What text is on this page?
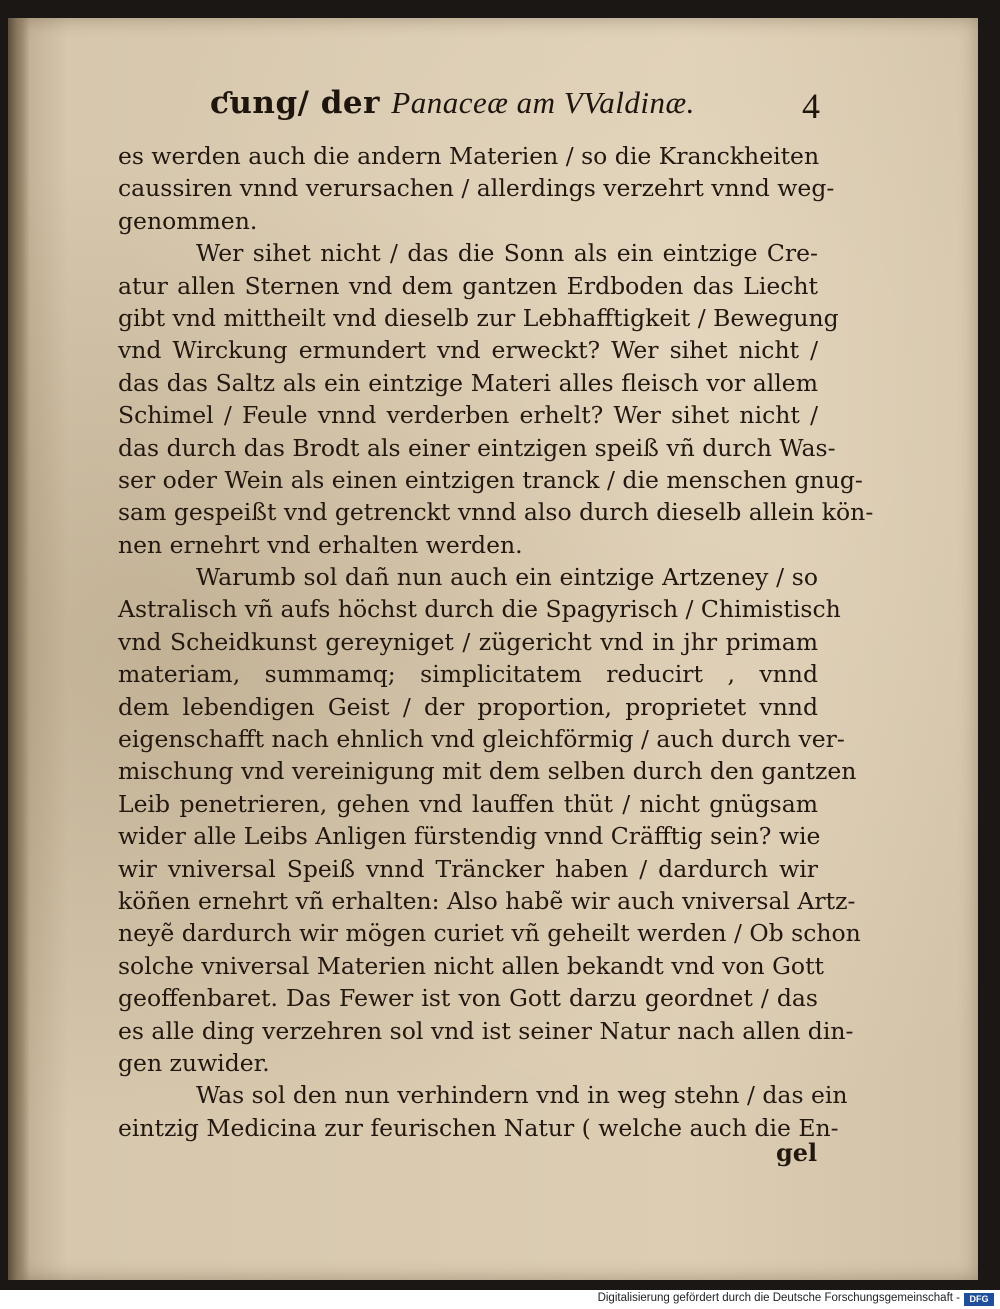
ƈung/ der Panaceæ am VValdinæ.	4
es werden auch die andern Materien / so die Kranckheiten
caussiren vnnd verursachen / allerdings verzehrt vnnd weg-
genommen.
Wer sihet nicht / das die Sonn als ein eintzige Cre-
atur allen Sternen vnd dem gantzen Erdboden das Liecht
gibt vnd mittheilt vnd dieselb zur Lebhafftigkeit / Bewegung
vnd Wirckung ermundert vnd erweckt? Wer sihet nicht /
das das Saltz als ein eintzige Materi alles fleisch vor allem
Schimel / Feule vnnd verderben erhelt? Wer sihet nicht /
das durch das Brodt als einer eintzigen speiß vñ durch Was-
ser oder Wein als einen eintzigen tranck / die menschen gnug-
sam gespeißt vnd getrenckt vnnd also durch dieselb allein kön-
nen ernehrt vnd erhalten werden.
Warumb sol dañ nun auch ein eintzige Artzeney / so
Astralisch vñ aufs höchst durch die Spagyrisch / Chimistisch
vnd Scheidkunst gereyniget / zügericht vnd in jhr primam
materiam, summamq; simplicitatem reducirt , vnnd
dem lebendigen Geist / der proportion, proprietet vnnd
eigenschafft nach ehnlich vnd gleichförmig / auch durch ver-
mischung vnd vereinigung mit dem selben durch den gantzen
Leib penetrieren, gehen vnd lauffen thüt / nicht gnügsam
wider alle Leibs Anligen fürstendig vnnd Cräfftig sein? wie
wir vniversal Speiß vnnd Träncker haben / dardurch wir
köñen ernehrt vñ erhalten: Also habẽ wir auch vniversal Artz-
neyẽ dardurch wir mögen curiet vñ geheilt werden / Ob schon
solche vniversal Materien nicht allen bekandt vnd von Gott
geoffenbaret. Das Fewer ist von Gott darzu geordnet / das
es alle ding verzehren sol vnd ist seiner Natur nach allen din-
gen zuwider.
Was sol den nun verhindern vnd in weg stehn / das ein
eintzig Medicina zur feurischen Natur ( welche auch die En-
gel
Digitalisierung gefördert durch die Deutsche Forschungsgemeinschaft -	DFG
